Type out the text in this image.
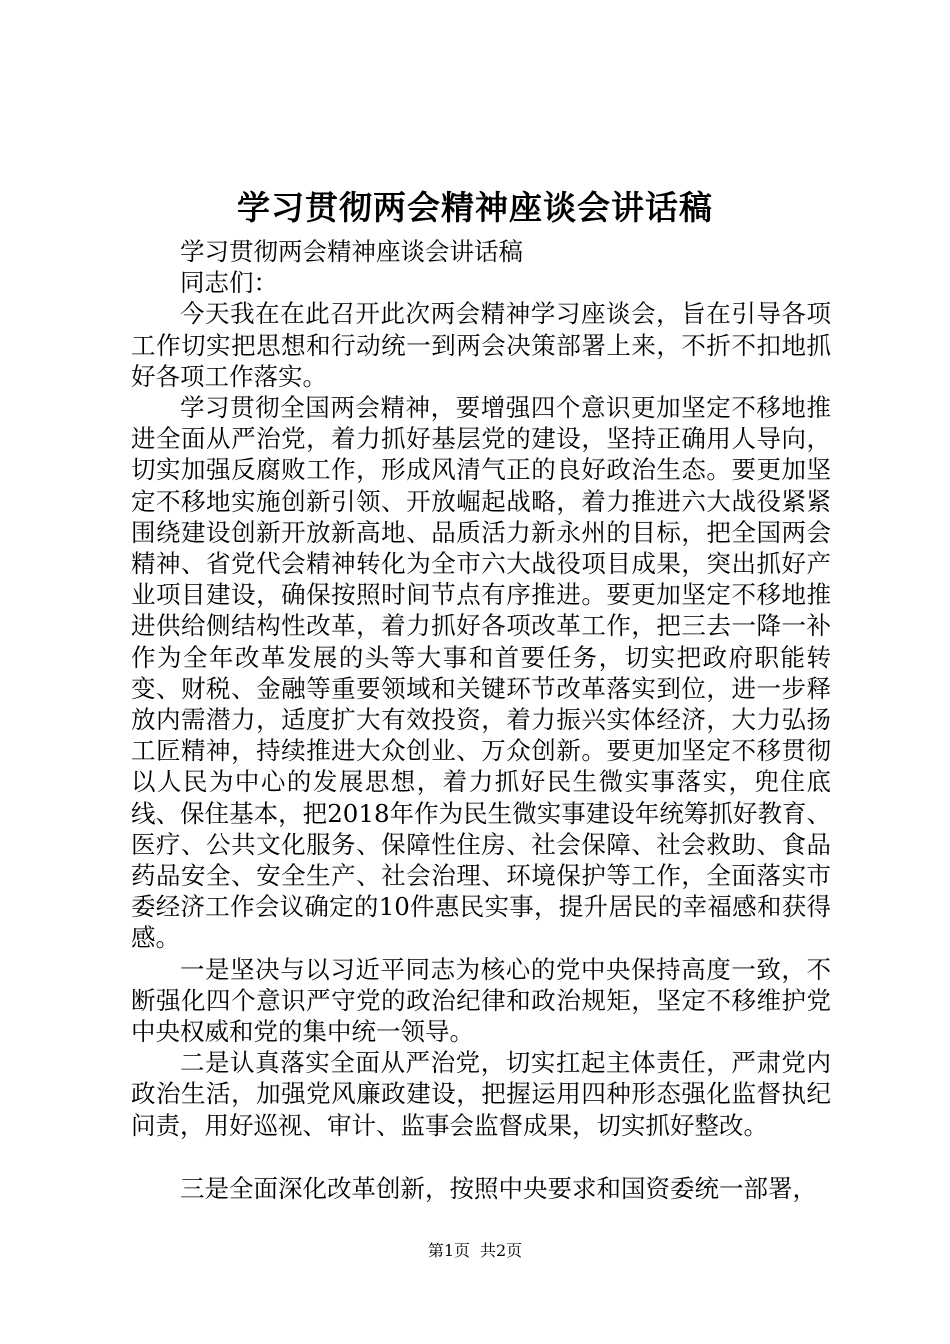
学习贯彻两会精神座谈会讲话稿

学习贯彻两会精神座谈会讲话稿

同志们：

今天我在在此召开此次两会精神学习座谈会，旨在引导各项工作切实把思想和行动统一到两会决策部署上来，不折不扣地抓好各项工作落实。

学习贯彻全国两会精神，要增强四个意识更加坚定不移地推进全面从严治党，着力抓好基层党的建设，坚持正确用人导向，切实加强反腐败工作，形成风清气正的良好政治生态。要更加坚定不移地实施创新引领、开放崛起战略，着力推进六大战役紧紧围绕建设创新开放新高地、品质活力新永州的目标，把全国两会精神、省党代会精神转化为全市六大战役项目成果，突出抓好产业项目建设，确保按照时间节点有序推进。要更加坚定不移地推进供给侧结构性改革，着力抓好各项改革工作，把三去一降一补作为全年改革发展的头等大事和首要任务，切实把政府职能转变、财税、金融等重要领域和关键环节改革落实到位，进一步释放内需潜力，适度扩大有效投资，着力振兴实体经济，大力弘扬工匠精神，持续推进大众创业、万众创新。要更加坚定不移贯彻以人民为中心的发展思想，着力抓好民生微实事落实，兜住底线、保住基本，把2018年作为民生微实事建设年统筹抓好教育、医疗、公共文化服务、保障性住房、社会保障、社会救助、食品药品安全、安全生产、社会治理、环境保护等工作，全面落实市委经济工作会议确定的10件惠民实事，提升居民的幸福感和获得感。

一是坚决与以习近平同志为核心的党中央保持高度一致，不断强化四个意识严守党的政治纪律和政治规矩，坚定不移维护党中央权威和党的集中统一领导。

二是认真落实全面从严治党，切实扛起主体责任，严肃党内政治生活，加强党风廉政建设，把握运用四种形态强化监督执纪问责，用好巡视、审计、监事会监督成果，切实抓好整改。

三是全面深化改革创新，按照中央要求和国资委统一部署，

第1页 共2页
